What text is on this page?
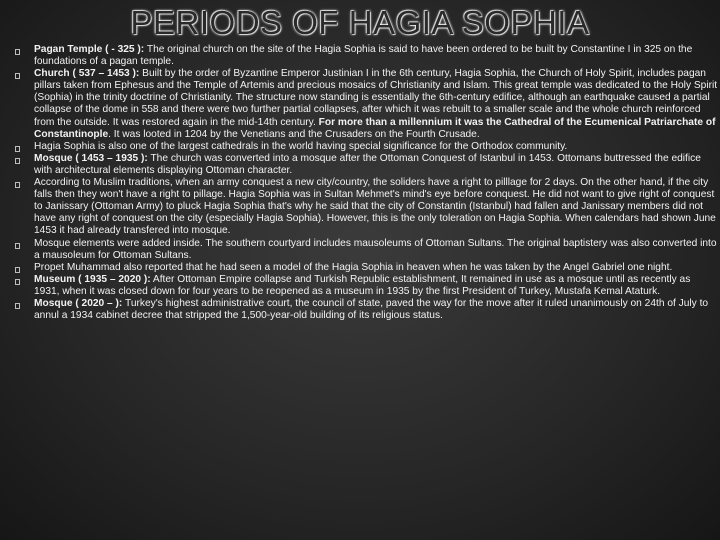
PERIODS OF HAGIA SOPHIA
Pagan Temple ( - 325 ): The original church on the site of the Hagia Sophia is said to have been ordered to be built by Constantine I in 325 on the foundations of a pagan temple.
Church ( 537 – 1453 ): Built by the order of Byzantine Emperor Justinian I in the 6th century, Hagia Sophia, the Church of Holy Spirit, includes pagan pillars taken from Ephesus and the Temple of Artemis and precious mosaics of Christianity and Islam. This great temple was dedicated to the Holy Spirit (Sophia) in the trinity doctrine of Christianity. The structure now standing is essentially the 6th-century edifice, although an earthquake caused a partial collapse of the dome in 558 and there were two further partial collapses, after which it was rebuilt to a smaller scale and the whole church reinforced from the outside. It was restored again in the mid-14th century. For more than a millennium it was the Cathedral of the Ecumenical Patriarchate of Constantinople. It was looted in 1204 by the Venetians and the Crusaders on the Fourth Crusade.
Hagia Sophia is also one of the largest cathedrals in the world having special significance for the Orthodox community.
Mosque ( 1453 – 1935 ): The church was converted into a mosque after the Ottoman Conquest of Istanbul in 1453. Ottomans buttressed the edifice with architectural elements displaying Ottoman character.
According to Muslim traditions, when an army conquest a new city/country, the soliders have a right to pilllage for 2 days. On the other hand, if the city falls then they won't have a right to pillage. Hagia Sophia was in Sultan Mehmet's mind's eye before conquest. He did not want to give right of conquest to Janissary (Ottoman Army) to pluck Hagia Sophia that's why he said that the city of Constantin (Istanbul) had fallen and Janissary members did not have any right of conquest on the city (especially Hagia Sophia). However, this is the only toleration on Hagia Sophia. When calendars had shown June 1453 it had already transfered into mosque.
Mosque elements were added inside. The southern courtyard includes mausoleums of Ottoman Sultans. The original baptistery was also converted into a mausoleum for Ottoman Sultans.
Propet Muhammad also reported that he had seen a model of the Hagia Sophia in heaven when he was taken by the Angel Gabriel one night.
Museum ( 1935 – 2020 ): After Ottoman Empire collapse and Turkish Republic establishment, It remained in use as a mosque until as recently as 1931, when it was closed down for four years to be reopened as a museum in 1935 by the first President of Turkey, Mustafa Kemal Ataturk.
Mosque ( 2020 – ): Turkey's highest administrative court, the council of state, paved the way for the move after it ruled unanimously on 24th of July to annul a 1934 cabinet decree that stripped the 1,500-year-old building of its religious status.
